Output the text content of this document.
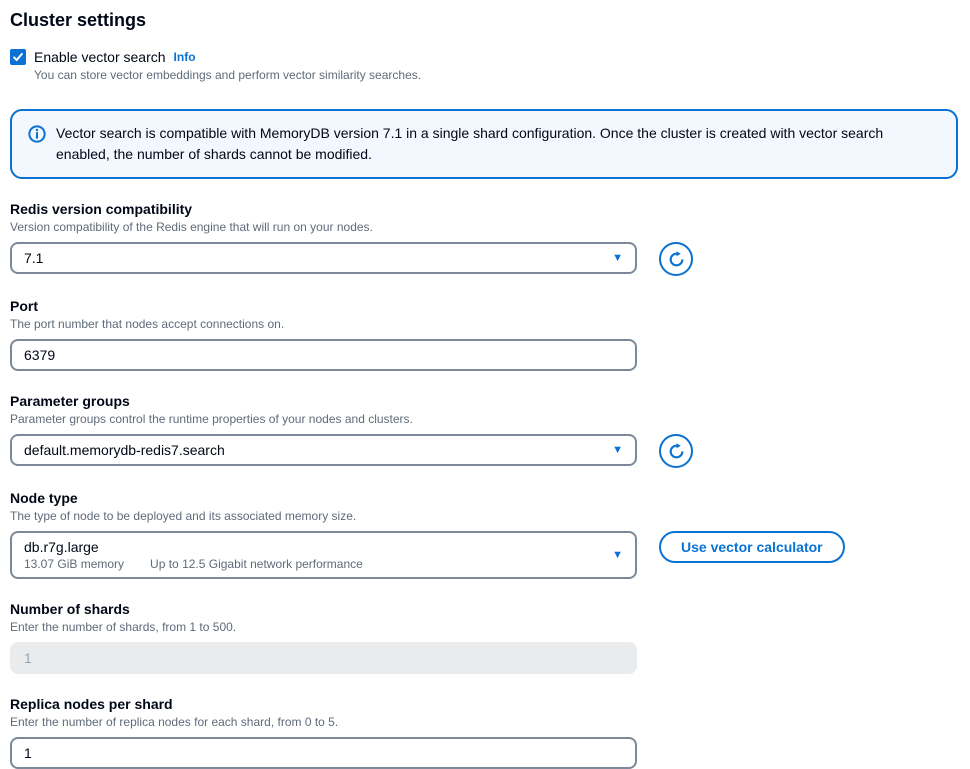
Cluster settings
Enable vector search Info
You can store vector embeddings and perform vector similarity searches.
Vector search is compatible with MemoryDB version 7.1 in a single shard configuration. Once the cluster is created with vector search enabled, the number of shards cannot be modified.
Redis version compatibility
Version compatibility of the Redis engine that will run on your nodes.
7.1	▼
Port
The port number that nodes accept connections on.
6379
Parameter groups
Parameter groups control the runtime properties of your nodes and clusters.
default.memorydb-redis7.search	▼
Node type
The type of node to be deployed and its associated memory size.
db.r7g.large
13.07 GiB memory Up to 12.5 Gigabit network performance
▼	Use vector calculator
Number of shards
Enter the number of shards, from 1 to 500.
1
Replica nodes per shard
Enter the number of replica nodes for each shard, from 0 to 5.
1
